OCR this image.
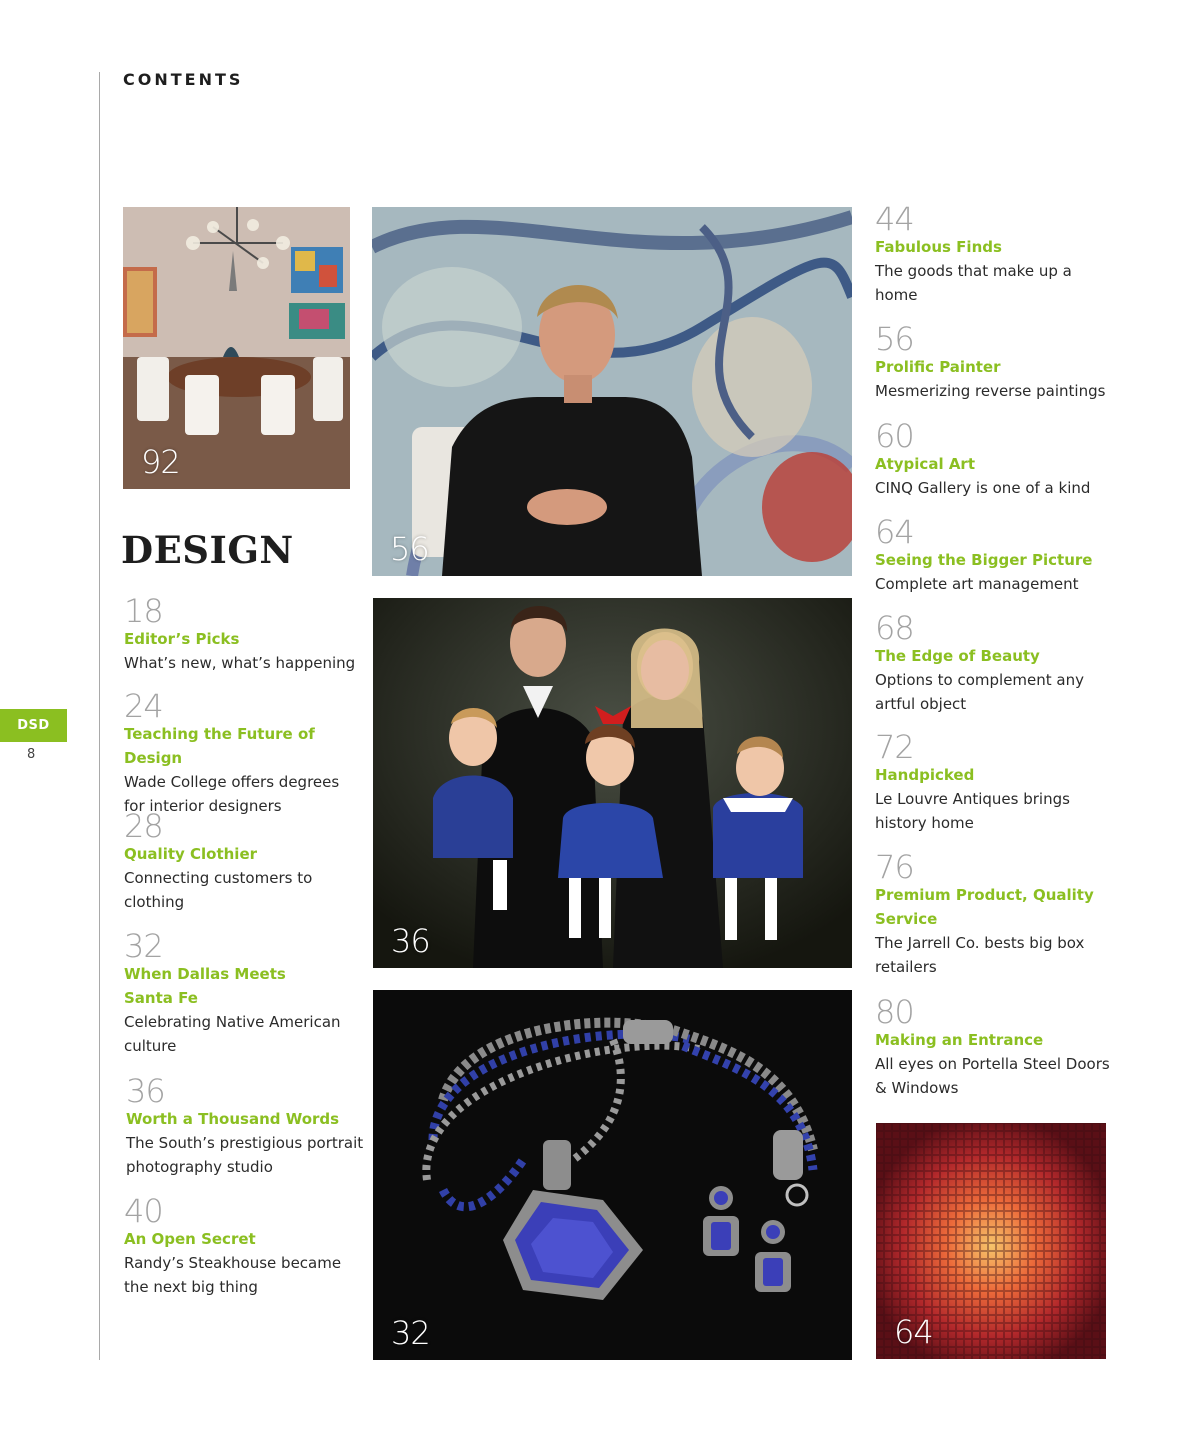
CONTENTS
DSD
8
92
56
DESIGN
36
32	64
18
Editor’s Picks
What’s new, what’s happening
24
Teaching the Future of Design
Wade College offers degrees
for interior designers
28
Quality Clothier
Connecting customers to
clothing
32
When Dallas Meets
Santa Fe
Celebrating Native American
culture
36
Worth a Thousand Words
The South’s prestigious portrait
photography studio
40
An Open Secret
Randy’s Steakhouse became
the next big thing
44
Fabulous Finds
The goods that make up a
home
56
Prolific Painter
Mesmerizing reverse paintings
60
Atypical Art
CINQ Gallery is one of a kind
64
Seeing the Bigger Picture
Complete art management
68
The Edge of Beauty
Options to complement any
artful object
72
Handpicked
Le Louvre Antiques brings
history home
76
Premium Product, Quality
Service
The Jarrell Co. bests big box
retailers
80
Making an Entrance
All eyes on Portella Steel Doors
& Windows
